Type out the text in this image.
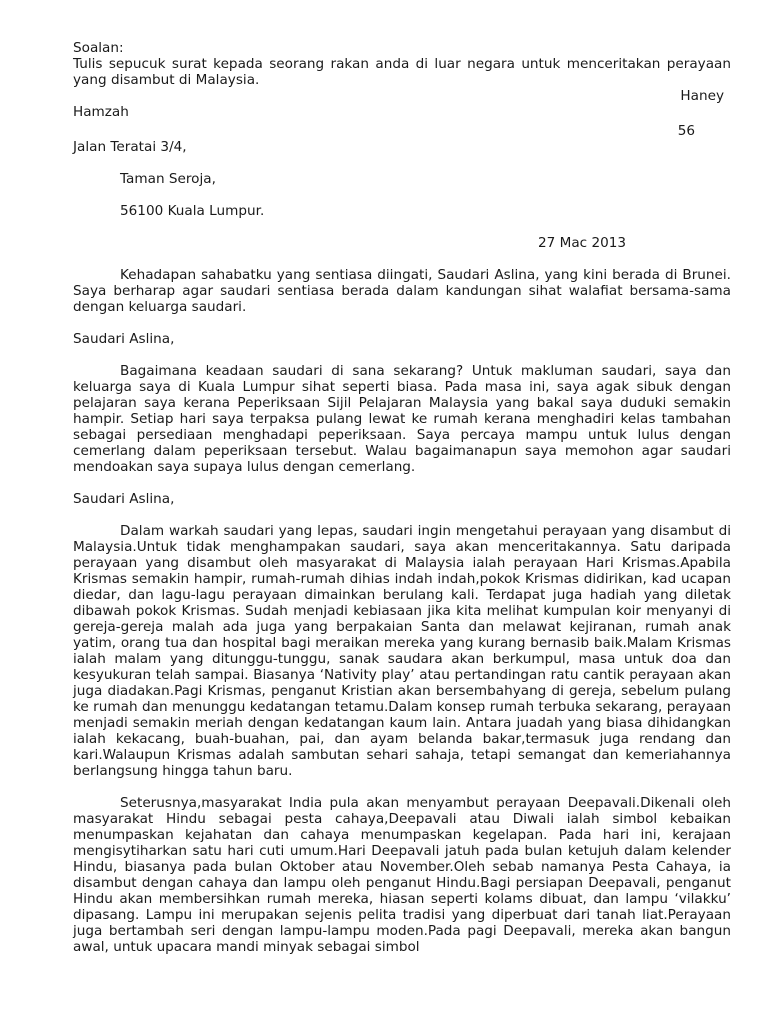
Soalan:

Tulis sepucuk surat kepada seorang rakan anda di luar negara untuk menceritakan perayaan yang disambut di Malaysia.

Haney

Hamzah

56

Jalan Teratai 3/4,

Taman Seroja,

56100 Kuala Lumpur.

27 Mac 2013

Kehadapan sahabatku yang sentiasa diingati, Saudari Aslina, yang kini berada di Brunei. Saya berharap agar saudari sentiasa berada dalam kandungan sihat walafiat bersama-sama dengan keluarga saudari.

Saudari Aslina,

Bagaimana keadaan saudari di sana sekarang? Untuk makluman saudari, saya dan keluarga saya di Kuala Lumpur sihat seperti biasa. Pada masa ini, saya agak sibuk dengan pelajaran saya kerana Peperiksaan Sijil Pelajaran Malaysia yang bakal saya duduki semakin hampir. Setiap hari saya terpaksa pulang lewat ke rumah kerana menghadiri kelas tambahan sebagai persediaan menghadapi peperiksaan. Saya percaya mampu untuk lulus dengan cemerlang dalam peperiksaan tersebut. Walau bagaimanapun saya memohon agar saudari mendoakan saya supaya lulus dengan cemerlang.

Saudari Aslina,

Dalam warkah saudari yang lepas, saudari ingin mengetahui perayaan yang disambut di Malaysia.Untuk tidak menghampakan saudari, saya akan menceritakannya. Satu daripada perayaan yang disambut oleh masyarakat di Malaysia ialah perayaan Hari Krismas.Apabila Krismas semakin hampir, rumah-rumah dihias indah indah,pokok Krismas didirikan, kad ucapan diedar, dan lagu-lagu perayaan dimainkan berulang kali. Terdapat juga hadiah yang diletak dibawah pokok Krismas. Sudah menjadi kebiasaan jika kita melihat kumpulan koir menyanyi di gereja-gereja malah ada juga yang berpakaian Santa dan melawat kejiranan, rumah anak yatim, orang tua dan hospital bagi meraikan mereka yang kurang bernasib baik.Malam Krismas ialah malam yang ditunggu-tunggu, sanak saudara akan berkumpul, masa untuk doa dan kesyukuran telah sampai. Biasanya ‘Nativity play’ atau pertandingan ratu cantik perayaan akan juga diadakan.Pagi Krismas, penganut Kristian akan bersembahyang di gereja, sebelum pulang ke rumah dan menunggu kedatangan tetamu.Dalam konsep rumah terbuka sekarang, perayaan menjadi semakin meriah dengan kedatangan kaum lain. Antara juadah yang biasa dihidangkan ialah kekacang, buah-buahan, pai, dan ayam belanda bakar,termasuk juga rendang dan kari.Walaupun Krismas adalah sambutan sehari sahaja, tetapi semangat dan kemeriahannya berlangsung hingga tahun baru.

Seterusnya,masyarakat India pula akan menyambut perayaan Deepavali.Dikenali oleh masyarakat Hindu sebagai pesta cahaya,Deepavali atau Diwali ialah simbol kebaikan menumpaskan kejahatan dan cahaya menumpaskan kegelapan. Pada hari ini, kerajaan mengisytiharkan satu hari cuti umum.Hari Deepavali jatuh pada bulan ketujuh dalam kelender Hindu, biasanya pada bulan Oktober atau November.Oleh sebab namanya Pesta Cahaya, ia disambut dengan cahaya dan lampu oleh penganut Hindu.Bagi persiapan Deepavali, penganut Hindu akan membersihkan rumah mereka, hiasan seperti kolams dibuat, dan lampu ‘vilakku’ dipasang. Lampu ini merupakan sejenis pelita tradisi yang diperbuat dari tanah liat.Perayaan juga bertambah seri dengan lampu-lampu moden.Pada pagi Deepavali, mereka akan bangun awal, untuk upacara mandi minyak sebagai simbol
